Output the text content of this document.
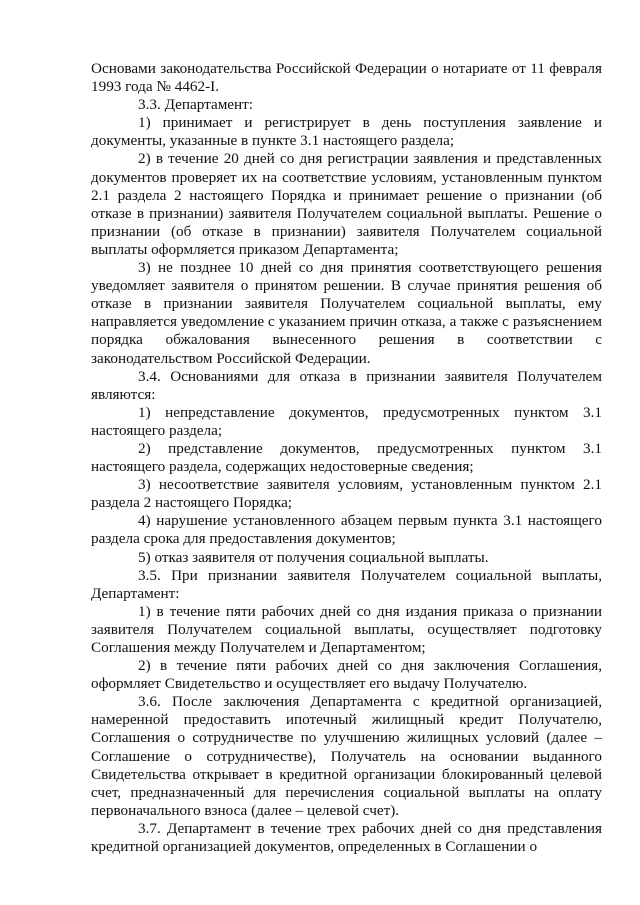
Основами законодательства Российской Федерации о нотариате от 11 февраля 1993 года № 4462-I.

3.3. Департамент:

1) принимает и регистрирует в день поступления заявление и документы, указанные в пункте 3.1 настоящего раздела;

2) в течение 20 дней со дня регистрации заявления и представленных документов проверяет их на соответствие условиям, установленным пунктом 2.1 раздела 2 настоящего Порядка и принимает решение о признании (об отказе в признании) заявителя Получателем социальной выплаты. Решение о признании (об отказе в признании) заявителя Получателем социальной выплаты оформляется приказом Департамента;

3) не позднее 10 дней со дня принятия соответствующего решения уведомляет заявителя о принятом решении. В случае принятия решения об отказе в признании заявителя Получателем социальной выплаты, ему направляется уведомление с указанием причин отказа, а также с разъяснением порядка обжалования вынесенного решения в соответствии с законодательством Российской Федерации.

3.4. Основаниями для отказа в признании заявителя Получателем являются:

1) непредставление документов, предусмотренных пунктом 3.1 настоящего раздела;

2) представление документов, предусмотренных пунктом 3.1 настоящего раздела, содержащих недостоверные сведения;

3) несоответствие заявителя условиям, установленным пунктом 2.1 раздела 2 настоящего Порядка;

4) нарушение установленного абзацем первым пункта 3.1 настоящего раздела срока для предоставления документов;

5) отказ заявителя от получения социальной выплаты.

3.5. При признании заявителя Получателем социальной выплаты, Департамент:

1) в течение пяти рабочих дней со дня издания приказа о признании заявителя Получателем социальной выплаты, осуществляет подготовку Соглашения между Получателем и Департаментом;

2) в течение пяти рабочих дней со дня заключения Соглашения, оформляет Свидетельство и осуществляет его выдачу Получателю.

3.6. После заключения Департамента с кредитной организацией, намеренной предоставить ипотечный жилищный кредит Получателю, Соглашения о сотрудничестве по улучшению жилищных условий (далее – Соглашение о сотрудничестве), Получатель на основании выданного Свидетельства открывает в кредитной организации блокированный целевой счет, предназначенный для перечисления социальной выплаты на оплату первоначального взноса (далее – целевой счет).

3.7. Департамент в течение трех рабочих дней со дня представления кредитной организацией документов, определенных в Соглашении о
